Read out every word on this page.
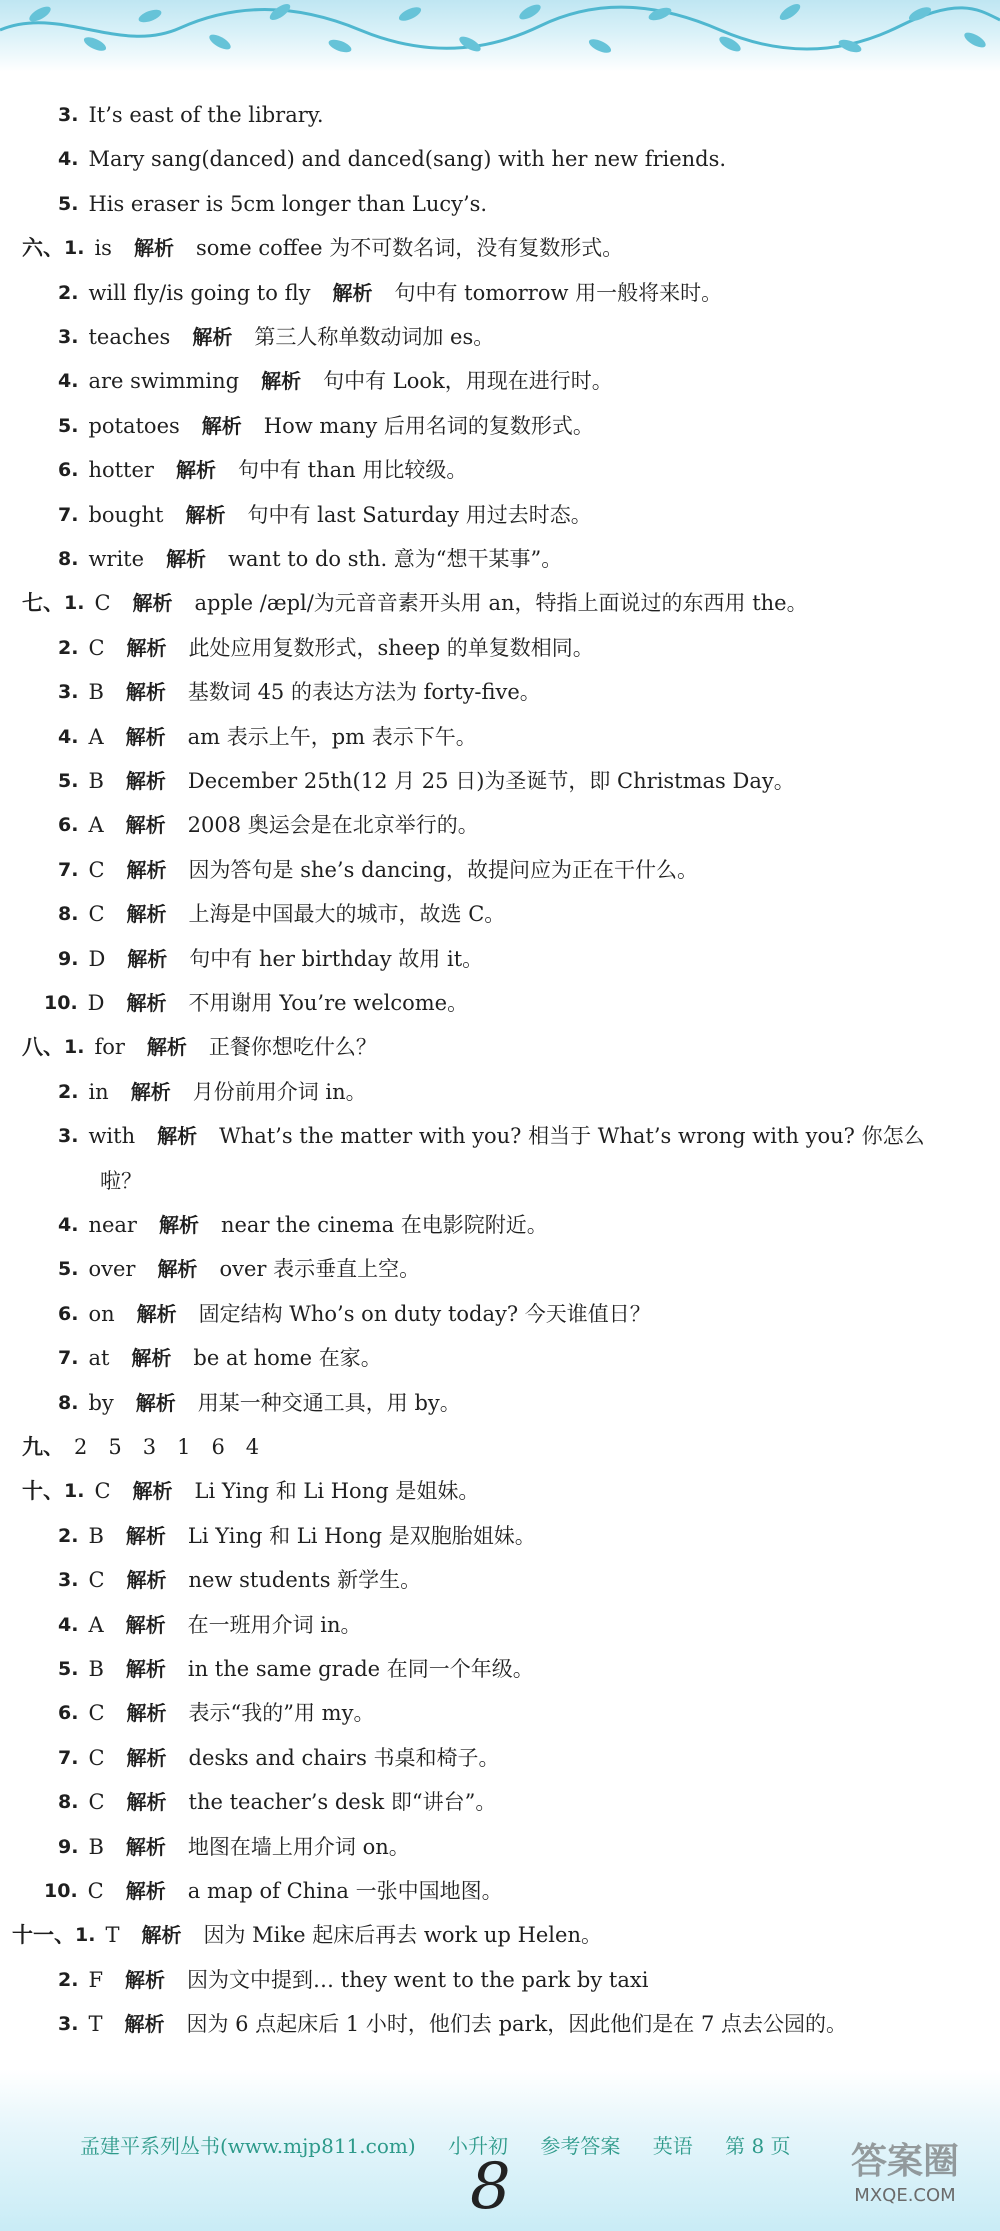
3. It’s east of the library.
4. Mary sang(danced) and danced(sang) with her new friends.
5. His eraser is 5cm longer than Lucy’s.
六、1. is 解析 some coffee 为不可数名词，没有复数形式。
2. will fly/is going to fly 解析 句中有 tomorrow 用一般将来时。
3. teaches 解析 第三人称单数动词加 es。
4. are swimming 解析 句中有 Look，用现在进行时。
5. potatoes 解析 How many 后用名词的复数形式。
6. hotter 解析 句中有 than 用比较级。
7. bought 解析 句中有 last Saturday 用过去时态。
8. write 解析 want to do sth. 意为“想干某事”。
七、1. C 解析 apple /æpl/为元音音素开头用 an，特指上面说过的东西用 the。
2. C 解析 此处应用复数形式，sheep 的单复数相同。
3. B 解析 基数词 45 的表达方法为 forty-five。
4. A 解析 am 表示上午，pm 表示下午。
5. B 解析 December 25th(12 月 25 日)为圣诞节，即 Christmas Day。
6. A 解析 2008 奥运会是在北京举行的。
7. C 解析 因为答句是 she’s dancing，故提问应为正在干什么。
8. C 解析 上海是中国最大的城市，故选 C。
9. D 解析 句中有 her birthday 故用 it。
10. D 解析 不用谢用 You’re welcome。
八、1. for 解析 正餐你想吃什么？
2. in 解析 月份前用介词 in。
3. with 解析 What’s the matter with you? 相当于 What’s wrong with you? 你怎么
啦？
4. near 解析 near the cinema 在电影院附近。
5. over 解析 over 表示垂直上空。
6. on 解析 固定结构 Who’s on duty today? 今天谁值日？
7. at 解析 be at home 在家。
8. by 解析 用某一种交通工具，用 by。
九、 2　5　3　1　6　4
十、1. C 解析 Li Ying 和 Li Hong 是姐妹。
2. B 解析 Li Ying 和 Li Hong 是双胞胎姐妹。
3. C 解析 new students 新学生。
4. A 解析 在一班用介词 in。
5. B 解析 in the same grade 在同一个年级。
6. C 解析 表示“我的”用 my。
7. C 解析 desks and chairs 书桌和椅子。
8. C 解析 the teacher’s desk 即“讲台”。
9. B 解析 地图在墙上用介词 on。
10. C 解析 a map of China 一张中国地图。
十一、1. T 解析 因为 Mike 起床后再去 work up Helen。
2. F 解析 因为文中提到… they went to the park by taxi
3. T 解析 因为 6 点起床后 1 小时，他们去 park，因此他们是在 7 点去公园的。
孟建平系列丛书(www.mjp811.com) 小升初 参考答案 英语 第 8 页
8	答案圈
MXQE.COM
